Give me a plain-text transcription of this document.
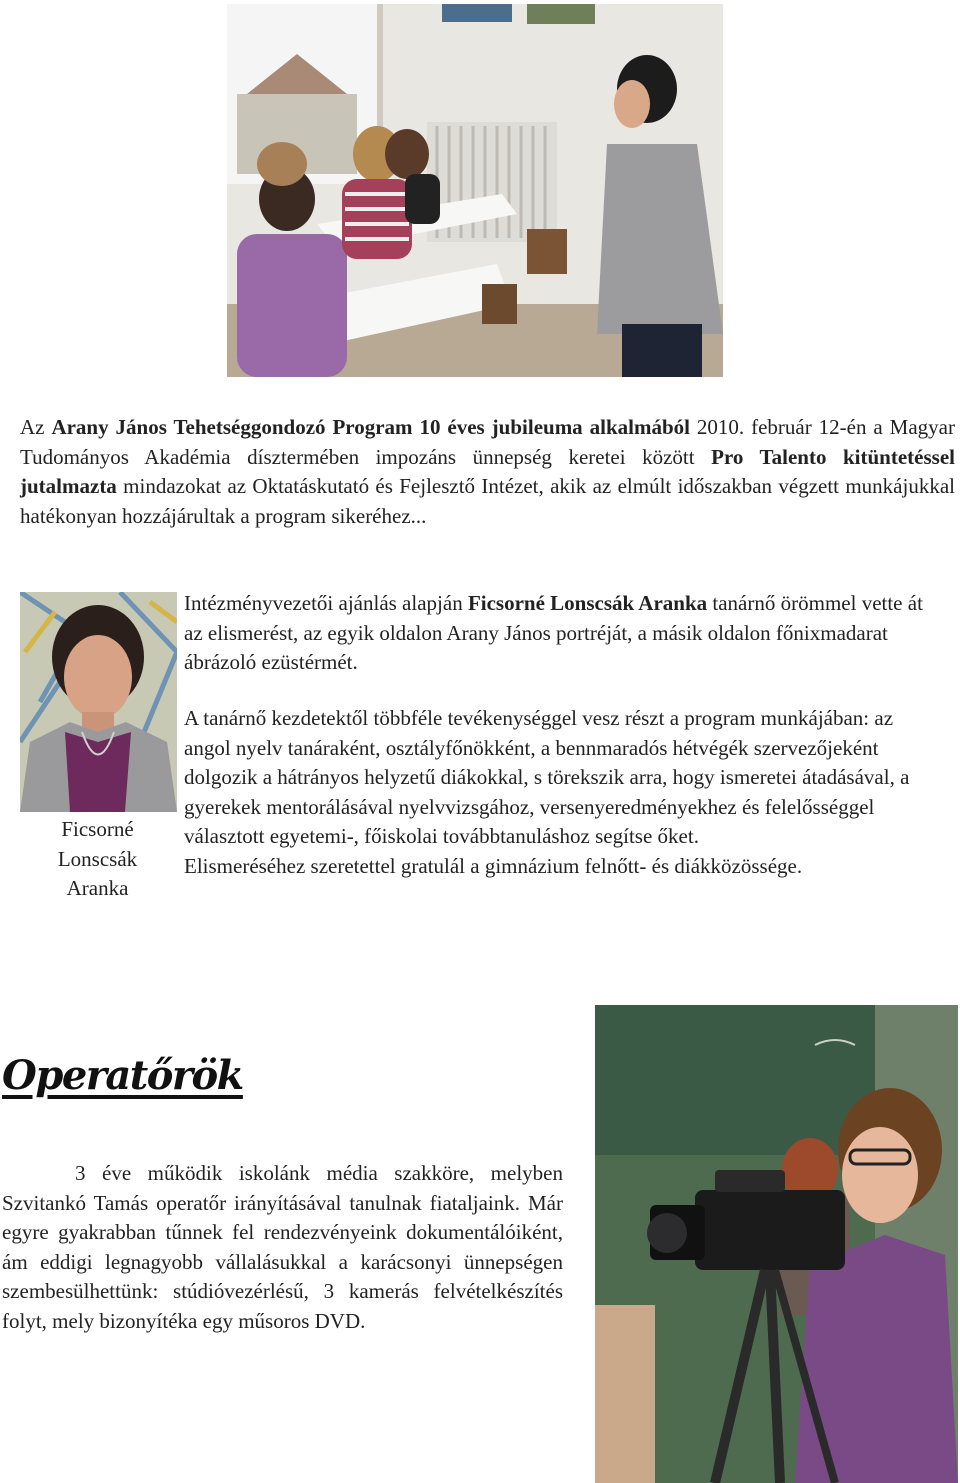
Az Arany János Tehetséggondozó Program 10 éves jubileuma alkalmából 2010. február 12-én a Magyar Tudományos Akadémia dísztermében impozáns ünnepség keretei között Pro Talento kitüntetéssel jutalmazta mindazokat az Oktatáskutató és Fejlesztő Intézet, akik az elmúlt időszakban végzett munkájukkal hatékonyan hozzájárultak a program sikeréhez...
Ficsorné
Lonscsák
Aranka
Intézményvezetői ajánlás alapján Ficsorné Lonscsák Aranka tanárnő örömmel vette át az elismerést, az egyik oldalon Arany János portréját, a másik oldalon főnixmadarat ábrázoló ezüstérmét.
A tanárnő kezdetektől többféle tevékenységgel vesz részt a program munkájában: az angol nyelv tanáraként, osztályfőnökként, a bennmaradós hétvégék szervezőjeként dolgozik a hátrányos helyzetű diákokkal, s törekszik arra, hogy ismeretei átadásával, a gyerekek mentorálásával nyelvvizsgához, versenyeredményekhez és felelősséggel választott egyetemi-, főiskolai továbbtanuláshoz segítse őket.
Elismeréséhez szeretettel gratulál a gimnázium felnőtt- és diákközössége.
Operatőrök
3 éve működik iskolánk média szakköre, melyben Szvitankó Tamás operatőr irányításával tanulnak fiataljaink. Már egyre gyakrabban tűnnek fel rendezvényeink dokumentálóiként, ám eddigi legnagyobb vállalásukkal a karácsonyi ünnepségen szembesülhettünk: stúdióvezérlésű, 3 kamerás felvételkészítés folyt, mely bizonyítéka egy műsoros DVD.
